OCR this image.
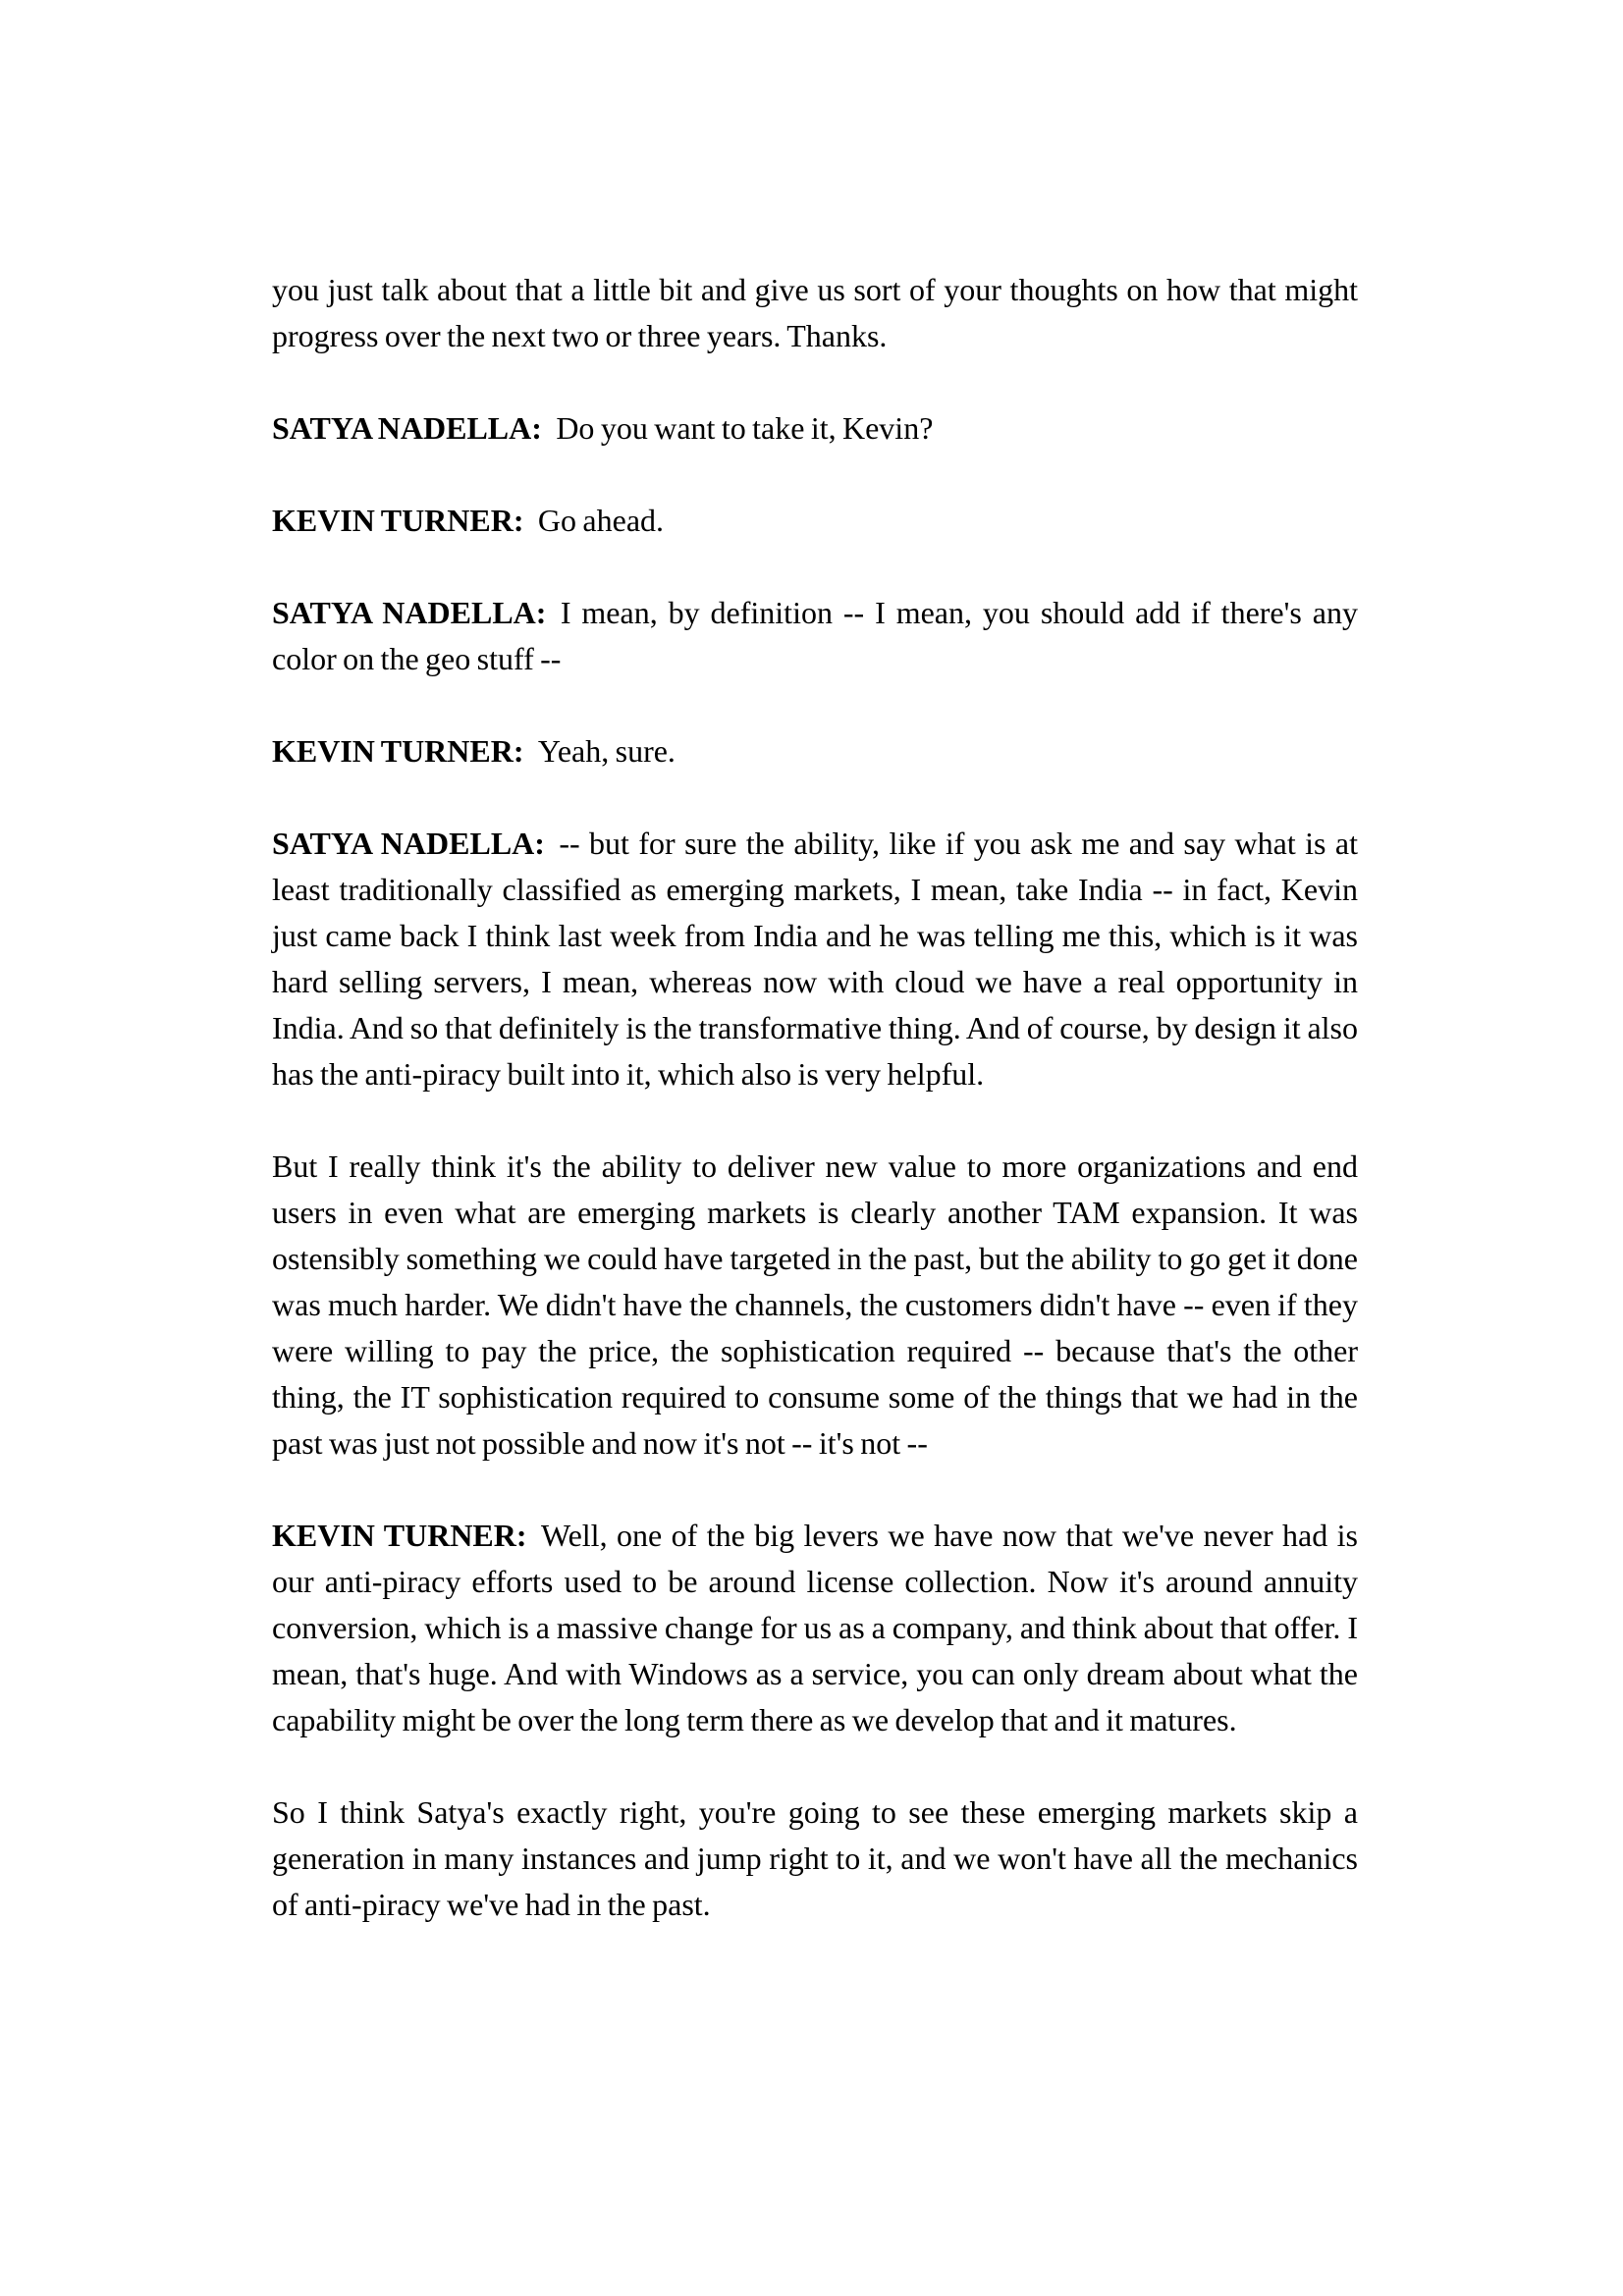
you just talk about that a little bit and give us sort of your thoughts on how that might progress over the next two or three years. Thanks.

SATYA NADELLA: Do you want to take it, Kevin?

KEVIN TURNER: Go ahead.

SATYA NADELLA: I mean, by definition -- I mean, you should add if there's any color on the geo stuff --

KEVIN TURNER: Yeah, sure.

SATYA NADELLA: -- but for sure the ability, like if you ask me and say what is at least traditionally classified as emerging markets, I mean, take India -- in fact, Kevin just came back I think last week from India and he was telling me this, which is it was hard selling servers, I mean, whereas now with cloud we have a real opportunity in India. And so that definitely is the transformative thing. And of course, by design it also has the anti-piracy built into it, which also is very helpful.

But I really think it's the ability to deliver new value to more organizations and end users in even what are emerging markets is clearly another TAM expansion. It was ostensibly something we could have targeted in the past, but the ability to go get it done was much harder. We didn't have the channels, the customers didn't have -- even if they were willing to pay the price, the sophistication required -- because that's the other thing, the IT sophistication required to consume some of the things that we had in the past was just not possible and now it's not -- it's not --

KEVIN TURNER: Well, one of the big levers we have now that we've never had is our anti-piracy efforts used to be around license collection. Now it's around annuity conversion, which is a massive change for us as a company, and think about that offer. I mean, that's huge. And with Windows as a service, you can only dream about what the capability might be over the long term there as we develop that and it matures.

So I think Satya's exactly right, you're going to see these emerging markets skip a generation in many instances and jump right to it, and we won't have all the mechanics of anti-piracy we've had in the past.
